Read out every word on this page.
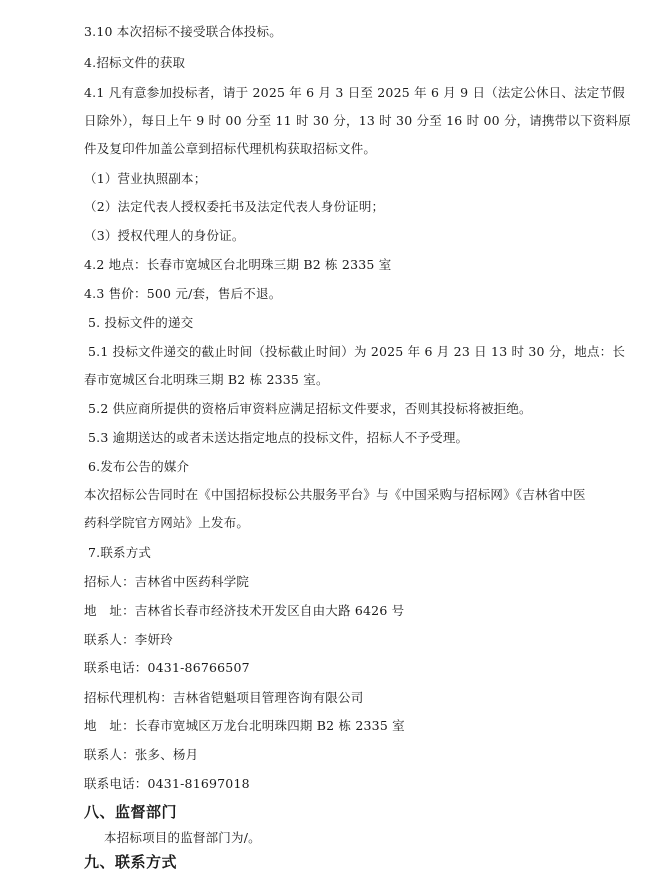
3.10 本次招标不接受联合体投标。
4.招标文件的获取
4.1 凡有意参加投标者，请于 2025 年 6 月 3 日至 2025 年 6 月 9 日（法定公休日、法定节假
日除外），每日上午 9 时 00 分至 11 时 30 分，13 时 30 分至 16 时 00 分，请携带以下资料原
件及复印件加盖公章到招标代理机构获取招标文件。
（1）营业执照副本；
（2）法定代表人授权委托书及法定代表人身份证明；
（3）授权代理人的身份证。
4.2 地点：长春市宽城区台北明珠三期 B2 栋 2335 室
4.3 售价：500 元/套，售后不退。
5. 投标文件的递交
5.1 投标文件递交的截止时间（投标截止时间）为 2025 年 6 月 23 日 13 时 30 分，地点：长
春市宽城区台北明珠三期 B2 栋 2335 室。
5.2 供应商所提供的资格后审资料应满足招标文件要求，否则其投标将被拒绝。
5.3 逾期送达的或者未送达指定地点的投标文件，招标人不予受理。
6.发布公告的媒介
本次招标公告同时在《中国招标投标公共服务平台》与《中国采购与招标网》《吉林省中医
药科学院官方网站》上发布。
7.联系方式
招标人：吉林省中医药科学院
地　址：吉林省长春市经济技术开发区自由大路 6426 号
联系人：李妍玲
联系电话：0431-86766507
招标代理机构：吉林省铠魁项目管理咨询有限公司
地　址：长春市宽城区万龙台北明珠四期 B2 栋 2335 室
联系人：张多、杨月
联系电话：0431-81697018
八、监督部门
本招标项目的监督部门为/。
九、联系方式
